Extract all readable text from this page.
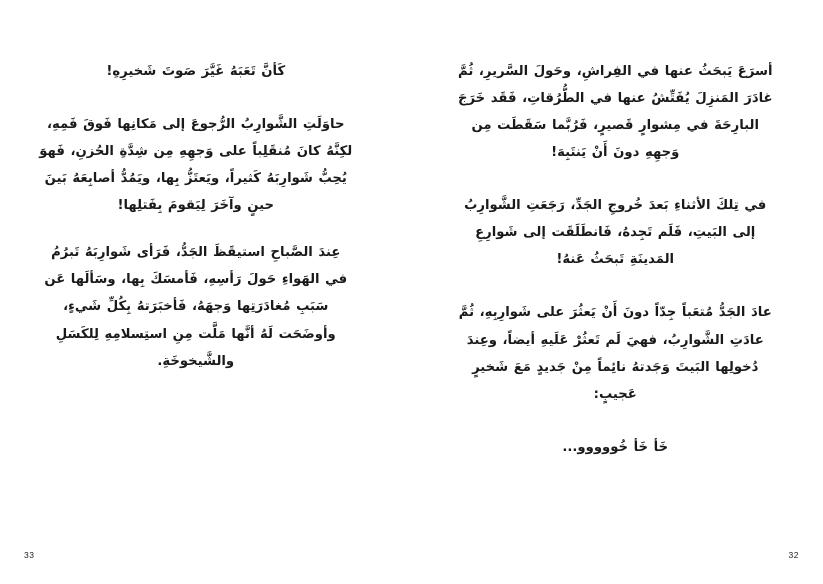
كَأنَّ تَعَبَهُ غَيَّرَ صَوتَ شَخيرِهِ!

حاوَلَتِ الشَّوارِبُ الرُّجوعَ إلى مَكانِها فَوقَ فَمِهِ، لكِنَّهُ كانَ مُنقَلِباً على وَجهِهِ مِن شِدَّةِ الحُزنِ، فَهوَ يُحِبُّ شَوارِبَهُ كَثيراً، ويَعتَزُّ بِها، ويَمُدُّ أصابِعَهُ بَينَ حينٍ وآخَرَ لِيَقومَ بِفَتلِها!

عِندَ الصَّباحِ استيقَظَ الجَدُّ، فَرَأى شَوارِبَهُ تَبرُمُ في الهَواءِ حَولَ رَأسِهِ، فَأمسَكَ بِها، وسَألَها عَن سَبَبِ مُغادَرَتِها وَجهَهُ، فَأخبَرَتهُ بِكُلِّ شَيءٍ، وأوضَحَت لَهُ أنَّها مَلَّت مِنِ استِسلامِهِ لِلكَسَلِ والشَّيخوخَةِ.

33

أسرَعَ يَبحَثُ عنها في الفِراشِ، وحَولَ السَّريرِ، ثُمَّ غادَرَ المَنزِلَ يُفَتِّشُ عنها في الطُّرُقاتِ، فَقَد خَرَجَ البارِحَةَ في مِشوارٍ قَصيرٍ، فَرُبَّما سَقَطَت مِن وَجهِهِ دونَ أَنْ يَنتَبِهَ!

في تِلكَ الأثناءِ بَعدَ خُروجِ الجَدِّ، رَجَعَتِ الشَّوارِبُ إلى البَيتِ، فَلَم تَجِدهُ، فَانطَلَقَت إلى شَوارِعِ المَدينَةِ تَبحَثُ عَنهُ!

عادَ الجَدُّ مُتعَباً جِدّاً دونَ أَنْ يَعثُرَ على شَوارِبِهِ، ثُمَّ عادَتِ الشَّوارِبُ، فهيَ لَم تَعثُرْ عَلَيهِ أيضاً، وعِندَ دُخولِها البَيتَ وَجَدتهُ نائِماً مِنْ جَديدٍ مَعَ شَخيرٍ عَجيبٍ:

خَأ خَأ خُووووو...

32
